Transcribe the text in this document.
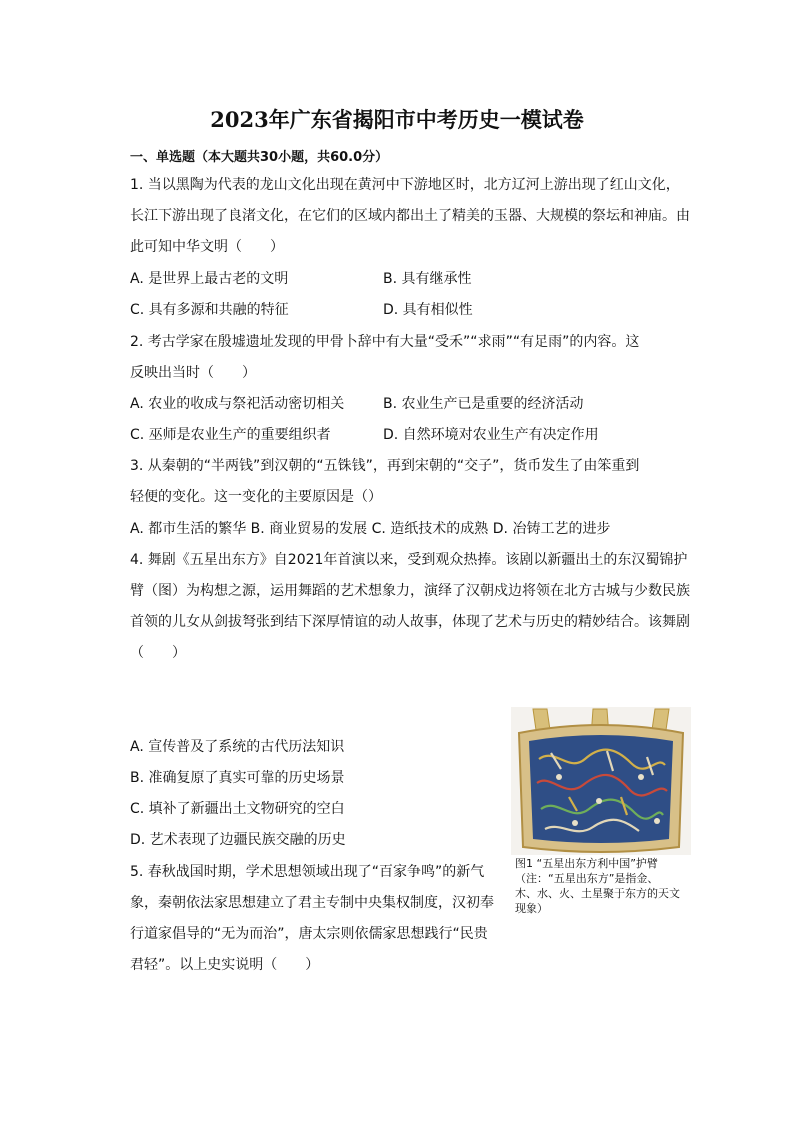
2023年广东省揭阳市中考历史一模试卷
一、单选题（本大题共30小题，共60.0分）
1. 当以黑陶为代表的龙山文化出现在黄河中下游地区时，北方辽河上游出现了红山文化，
长江下游出现了良渚文化，在它们的区域内都出土了精美的玉器、大规模的祭坛和神庙。由
此可知中华文明（　　）
A. 是世界上最古老的文明	B. 具有继承性
C. 具有多源和共融的特征	D. 具有相似性
2. 考古学家在殷墟遗址发现的甲骨卜辞中有大量“受禾”“求雨”“有足雨”的内容。这
反映出当时（　　）
A. 农业的收成与祭祀活动密切相关	B. 农业生产已是重要的经济活动
C. 巫师是农业生产的重要组织者	D. 自然环境对农业生产有决定作用
3. 从秦朝的“半两钱”到汉朝的“五铢钱”，再到宋朝的“交子”，货币发生了由笨重到
轻便的变化。这一变化的主要原因是（）
A. 都市生活的繁华 B. 商业贸易的发展 C. 造纸技术的成熟 D. 冶铸工艺的进步
4. 舞剧《五星出东方》自2021年首演以来，受到观众热捧。该剧以新疆出土的东汉蜀锦护
臂（图）为构想之源，运用舞蹈的艺术想象力，演绎了汉朝戍边将领在北方古城与少数民族
首领的儿女从剑拔弩张到结下深厚情谊的动人故事，体现了艺术与历史的精妙结合。该舞剧
（　　）
A. 宣传普及了系统的古代历法知识
B. 准确复原了真实可靠的历史场景
C. 填补了新疆出土文物研究的空白
D. 艺术表现了边疆民族交融的历史
图1 “五星出东方利中国”护臂
（注：“五星出东方”是指金、
木、水、火、土星聚于东方的天文
现象）
5. 春秋战国时期，学术思想领域出现了“百家争鸣”的新气
象，秦朝依法家思想建立了君主专制中央集权制度，汉初奉
行道家倡导的“无为而治”，唐太宗则依儒家思想践行“民贵
君轻”。以上史实说明（　　）
